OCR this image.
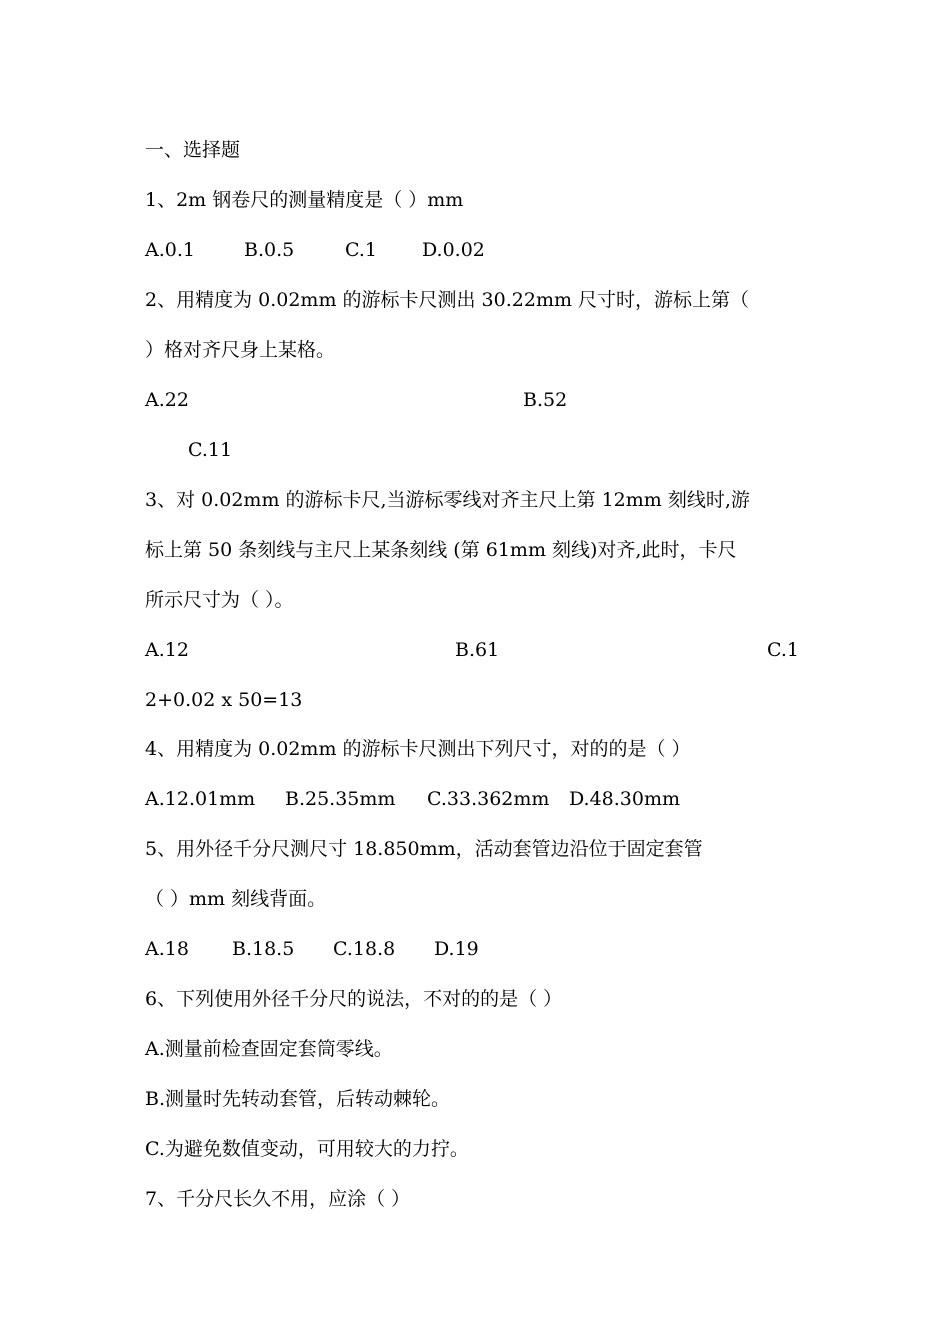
一、选择题
1、2m 钢卷尺的测量精度是（ ）mm
A.0.1	B.0.5	C.1 D.0.02
2、用精度为 0.02mm 的游标卡尺测出 30.22mm 尺寸时，游标上第（
）格对齐尺身上某格。
A.22	B.52
C.11
3、对 0.02mm 的游标卡尺,当游标零线对齐主尺上第 12mm 刻线时,游
标上第 50 条刻线与主尺上某条刻线 (第 61mm 刻线)对齐,此时，卡尺
所示尺寸为（ ）。
A.12	B.61	C.1
2+0.02 x 50=13
4、用精度为 0.02mm 的游标卡尺测出下列尺寸，对的的是（ ）
A.12.01mm B.25.35mm C.33.362mm D.48.30mm
5、用外径千分尺测尺寸 18.850mm，活动套管边沿位于固定套管
（ ）mm 刻线背面。
A.18 B.18.5 C.18.8 D.19
6、下列使用外径千分尺的说法，不对的的是（ ）
A.测量前检查固定套筒零线。
B.测量时先转动套管，后转动棘轮。
C.为避免数值变动，可用较大的力拧。
7、千分尺长久不用，应涂（ ）
